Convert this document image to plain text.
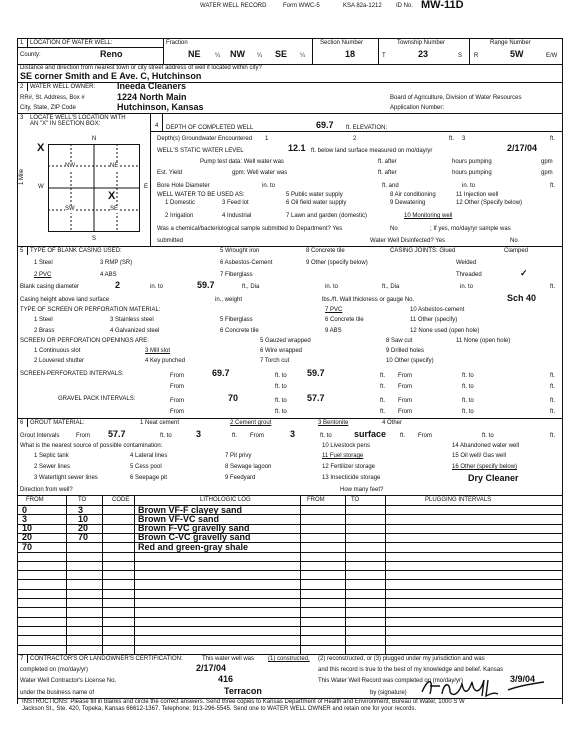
WATER WELL RECORD	Form WWC-5	KSA 82a-1212 ID No. MW-11D
1 LOCATION OF WATER WELL:
County:	Reno
Fraction
NE ¼ NW ¼ SE ¼
Section Number
18
Township Number
T	23	S
Range Number
R	5W	E/W
Distance and direction from nearest town or city street address of well if located within city?
SE corner Smith and E Ave. C, Hutchinson
2 WATER WELL OWNER: Ineeda Cleaners
RR#, St. Address, Box #	1224 North Main	Board of Agriculture, Division of Water Resources
City, State, ZIP Code	Hutchinson, Kansas	Application Number:
3 LOCATE WELL'S LOCATION WITH
AN "X" IN SECTION BOX:
N
S
W	E
X
1 Mile
NW	NE
SW	SE
X
4 DEPTH OF COMPLETED WELL	69.7 ft. ELEVATION:
Depth(s) Groundwater Encountered 1	2	ft. 3	ft.
WELL'S STATIC WATER LEVEL	12.1 ft. below land surface measured on mo/day/yr	2/17/04
Pump test data: Well water was	ft. after	hours pumping	gpm
Est. Yield	gpm: Well water was	ft. after	hours pumping	gpm
Bore Hole Diameter	in. to	ft. and	in. to	ft.
WELL WATER TO BE USED AS:	5 Public water supply	8 Air conditioning	11 Injection well
1 Domestic	3 Feed lot	6 Oil field water supply	9 Dewatering	12 Other (Specify below)
2 Irrigation	4 Industrial	7 Lawn and garden (domestic)	10 Monitoring well
Was a chemical/bacteriological sample submitted to Department? Yes	No	; If yes, mo/day/yr sample was
submitted	Water Well Disinfected? Yes	No
5 TYPE OF BLANK CASING USED:	5 Wrought iron	8 Concrete tile	CASING JOINTS: Glued	Clamped
1 Steel	3 RMP (SR)	6 Asbestos-Cement	9 Other (specify below)	Welded
2 PVC	4 ABS	7 Fiberglass	Threaded	✓
Blank casing diameter	2	in. to	59.7	ft., Dia	in. to	ft., Dia	in. to	ft.
Casing height above land surface	in., weight	lbs./ft. Wall thickness or gauge No.	Sch 40
TYPE OF SCREEN OR PERFORATION MATERIAL:	7 PVC	10 Asbestos-cement
1 Steel	3 Stainless steel	5 Fiberglass	6 Concrete tile	11 Other (specify)
2 Brass	4 Galvanized steel	6 Concrete tile	9 ABS	12 None used (open hole)
SCREEN OR PERFORATION OPENINGS ARE:
1 Continuous slot	3 Mill slot
5 Gauzed wrapped	8 Saw cut	11 None (open hole)
6 Wire wrapped	9 Drilled holes
2 Louvered shutter	4 Key punched	7 Torch cut	10 Other (specify)
SCREEN-PERFORATED INTERVALS:	From	69.7	ft. to 59.7	ft. From	ft. to	ft.
From	ft. to	ft. From	ft. to	ft.
GRAVEL PACK INTERVALS:	From	70	ft. to 57.7	ft. From	ft. to	ft.
From	ft. to	ft. From	ft. to	ft.
6 GROUT MATERIAL:	1 Neat cement	2 Cement grout	3 Bentonite	4 Other
Grout Intervals	From 57.7	ft. to	3	ft. From	3	ft. to surface ft. From	ft. to	ft.
What is the nearest source of possible contamination:
1 Septic tank	4 Lateral lines	7 Pit privy
10 Livestock pens	14 Abandoned water well
2 Sewer lines	5 Cess pool	8 Sewage lagoon
11 Fuel storage	15 Oil well/ Gas well
3 Watertight sewer lines	6 Seepage pit	9 Feedyard
12 Fertilizer storage	16 Other (specify below)
13 Insecticide storage	Dry Cleaner
Direction from well?	How many feet?
FROM	TO	CODE	LITHOLOGIC LOG	FROM	TO	PLUGGING INTERVALS
0	3	Brown VF-F clayey sand
3	10	Brown VF-VC sand
10	20	Brown F-VC gravelly sand
20	70	Brown C-VC gravelly sand
70	Red and green-gray shale
7 CONTRACTOR'S OR LANDOWNER'S CERTIFICATION:	This water well was (1) constructed, (2) reconstructed, or (3) plugged under my jurisdiction and was
completed on (mo/day/yr)	2/17/04	and this record is true to the best of my knowledge and belief. Kansas
Water Well Contractor's License No.	416	This Water Well Record was completed on (mo/day/yr)	3/9/04
under the business name of	Terracon	by (signature)
INSTRUCTIONS: Please fill in blanks and circle the correct answers. Send three copies to Kansas Department of Health and Environment, Bureau of Water, 1000 S W
Jackson St., Ste. 420, Topeka, Kansas 66612-1367. Telephone: 913-296-5545. Send one to WATER WELL OWNER and retain one for your records.
